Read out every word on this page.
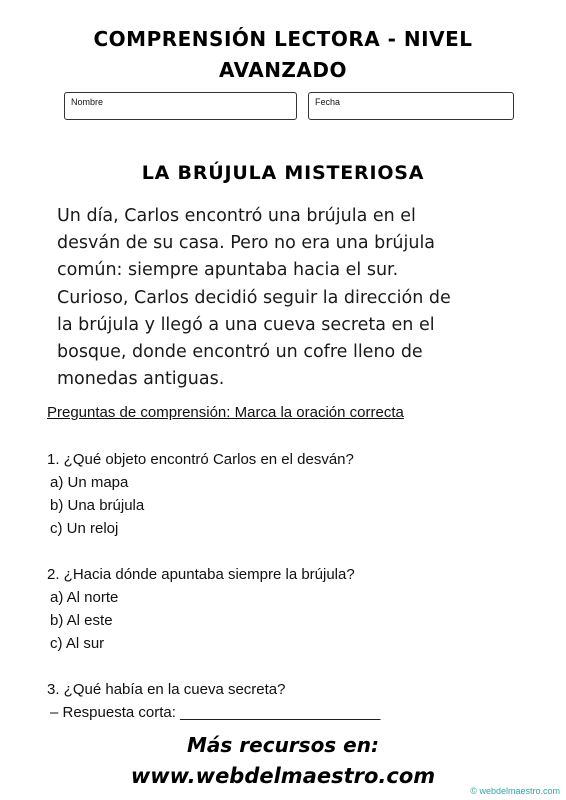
COMPRENSIÓN LECTORA - NIVEL
AVANZADO
Nombre	Fecha
LA BRÚJULA MISTERIOSA
Un día, Carlos encontró una brújula en el
desván de su casa. Pero no era una brújula
común: siempre apuntaba hacia el sur.
Curioso, Carlos decidió seguir la dirección de
la brújula y llegó a una cueva secreta en el
bosque, donde encontró un cofre lleno de
monedas antiguas.
Preguntas de comprensión: Marca la oración correcta
1. ¿Qué objeto encontró Carlos en el desván?
a) Un mapa
b) Una brújula
c) Un reloj
2. ¿Hacia dónde apuntaba siempre la brújula?
a) Al norte
b) Al este
c) Al sur
3. ¿Qué había en la cueva secreta?
– Respuesta corta: ________________________
Más recursos en:
www.webdelmaestro.com
© webdelmaestro.com
